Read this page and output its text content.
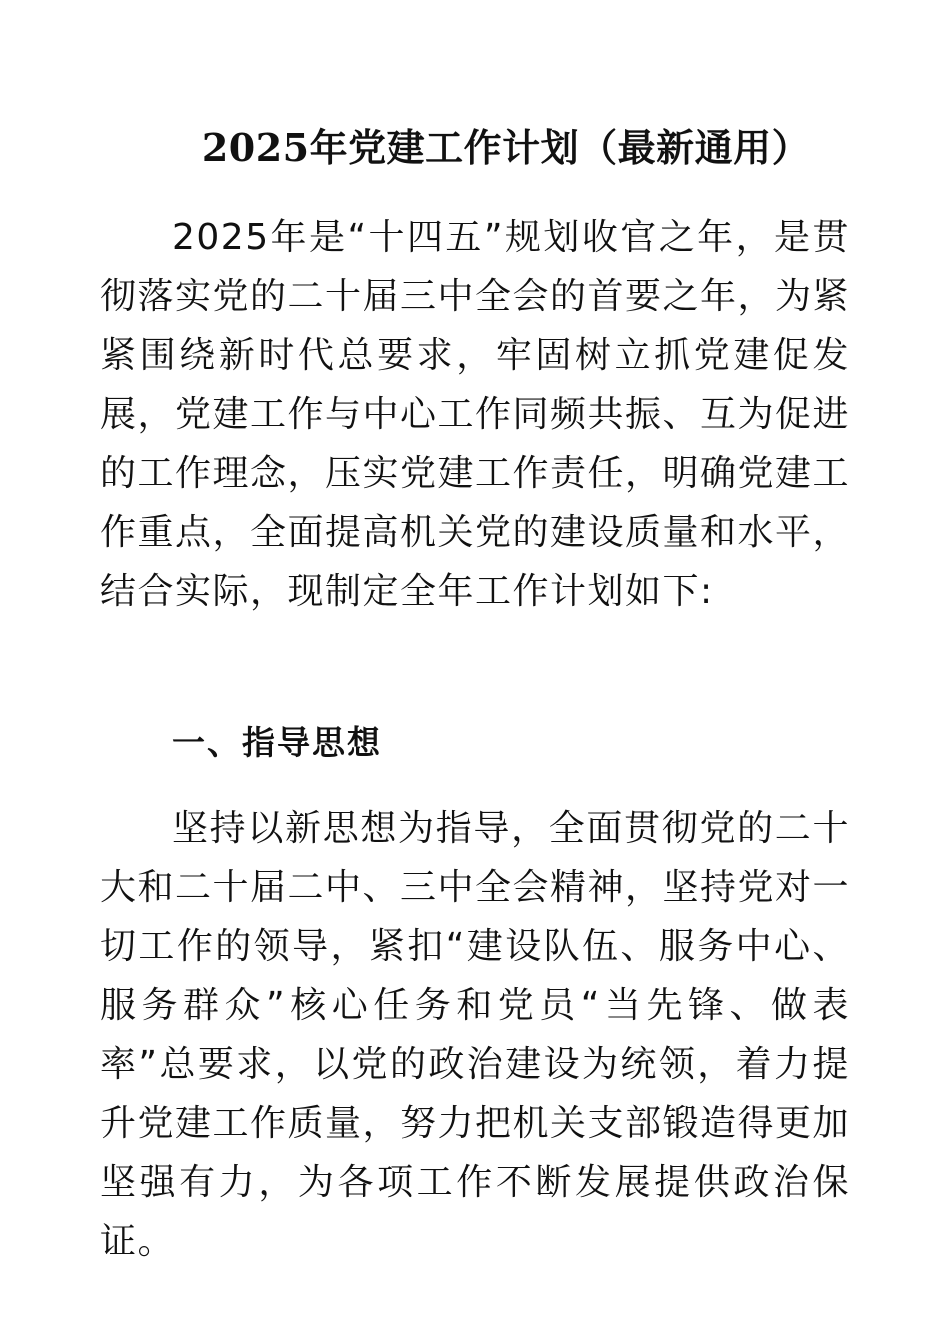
2025年党建工作计划（最新通用）

2025年是“十四五”规划收官之年，是贯彻落实党的二十届三中全会的首要之年，为紧紧围绕新时代总要求，牢固树立抓党建促发展，党建工作与中心工作同频共振、互为促进的工作理念，压实党建工作责任，明确党建工作重点，全面提高机关党的建设质量和水平，结合实际，现制定全年工作计划如下:

一、指导思想

坚持以新思想为指导，全面贯彻党的二十大和二十届二中、三中全会精神，坚持党对一切工作的领导，紧扣“建设队伍、服务中心、服务群众”核心任务和党员“当先锋、做表率”总要求，以党的政治建设为统领，着力提升党建工作质量，努力把机关支部锻造得更加坚强有力，为各项工作不断发展提供政治保证。
